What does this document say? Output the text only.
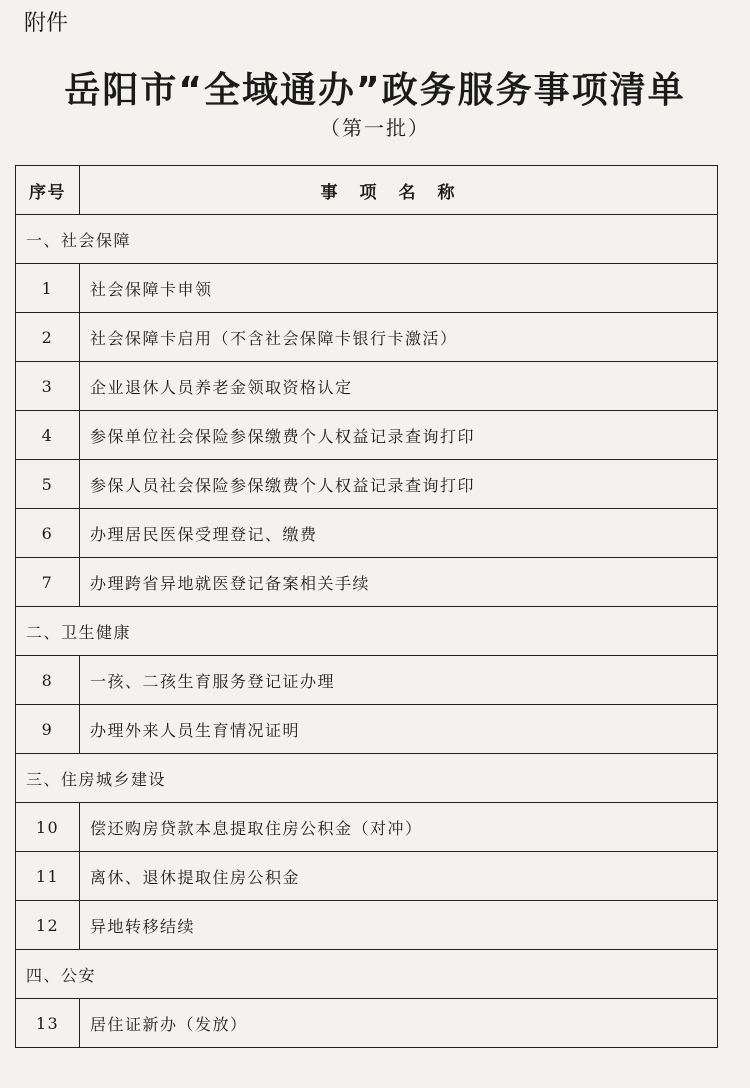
附件
岳阳市“全域通办”政务服务事项清单
（第一批）
序号	事项名称
一、社会保障	
1	社会保障卡申领
2	社会保障卡启用（不含社会保障卡银行卡激活）
3	企业退休人员养老金领取资格认定
4	参保单位社会保险参保缴费个人权益记录查询打印
5	参保人员社会保险参保缴费个人权益记录查询打印
6	办理居民医保受理登记、缴费
7	办理跨省异地就医登记备案相关手续
二、卫生健康	
8	一孩、二孩生育服务登记证办理
9	办理外来人员生育情况证明
三、住房城乡建设	
10	偿还购房贷款本息提取住房公积金（对冲）
11	离休、退休提取住房公积金
12	异地转移结续
四、公安	
13	居住证新办（发放）
